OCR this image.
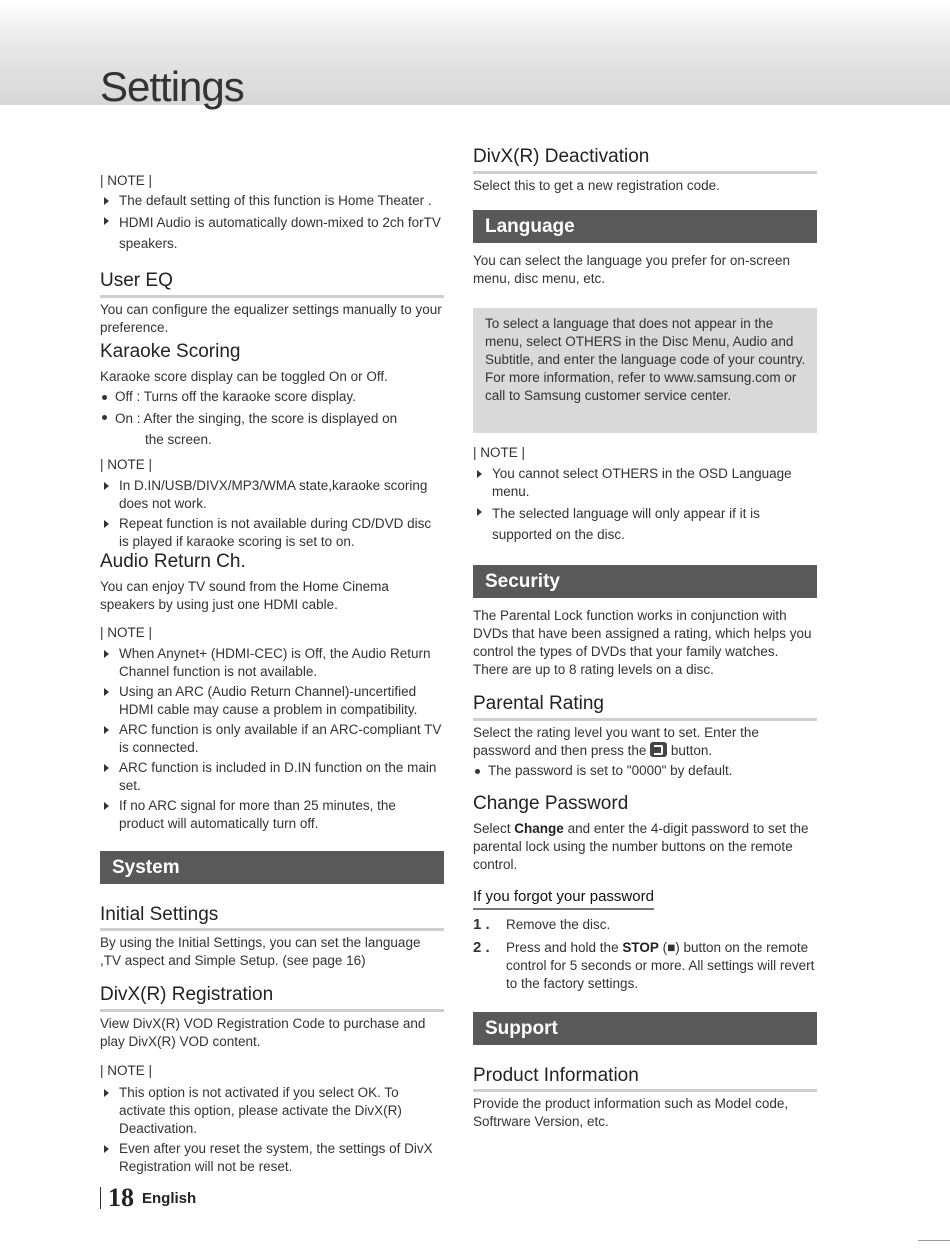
Settings

| NOTE |

The default setting of this function is Home Theater .
HDMI Audio is automatically down-mixed to 2ch forTV speakers.
User EQ

You can configure the equalizer settings manually to your preference.

Karaoke Scoring

Karaoke score display can be toggled On or Off.

Off : Turns off the karaoke score display.
On : After the singing, the score is displayed on
the screen.

| NOTE |

In D.IN/USB/DIVX/MP3/WMA state,karaoke scoring does not work.
Repeat function is not available during CD/DVD disc is played if karaoke scoring is set to on.
Audio Return Ch.

You can enjoy TV sound from the Home Cinema speakers by using just one HDMI cable.

| NOTE |

When Anynet+ (HDMI-CEC) is Off, the Audio Return Channel function is not available.
Using an ARC (Audio Return Channel)-uncertified HDMI cable may cause a problem in compatibility.
ARC function is only available if an ARC-compliant TV is connected.
ARC function is included in D.IN function on the main set.
If no ARC signal for more than 25 minutes, the product will automatically turn off.
System
Initial Settings

By using the Initial Settings, you can set the language ,TV aspect and Simple Setup. (see page 16)

DivX(R) Registration

View DivX(R) VOD Registration Code to purchase and play DivX(R) VOD content.

| NOTE |

This option is not activated if you select OK. To activate this option, please activate the DivX(R) Deactivation.
Even after you reset the system, the settings of DivX Registration will not be reset.
DivX(R) Deactivation

Select this to get a new registration code.

Language

You can select the language you prefer for on-screen menu, disc menu, etc.

To select a language that does not appear in the menu, select OTHERS in the Disc Menu, Audio and Subtitle, and enter the language code of your country. For more information, refer to www.samsung.com or call to Samsung customer service center.

| NOTE |

You cannot select OTHERS in the OSD Language menu.
The selected language will only appear if it is supported on the disc.
Security

The Parental Lock function works in conjunction with DVDs that have been assigned a rating, which helps you control the types of DVDs that your family watches. There are up to 8 rating levels on a disc.

Parental Rating

Select the rating level you want to set. Enter the password and then press the button.

The password is set to "0000" by default.
Change Password

Select Change and enter the 4-digit password to set the parental lock using the number buttons on the remote control.

If you forgot your password
1 . Remove the disc.
2 . Press and hold the STOP (■) button on the remote control for 5 seconds or more. All settings will revert to the factory settings.
Support
Product Information

Provide the product information such as Model code, Softrware Version, etc.

18 English
